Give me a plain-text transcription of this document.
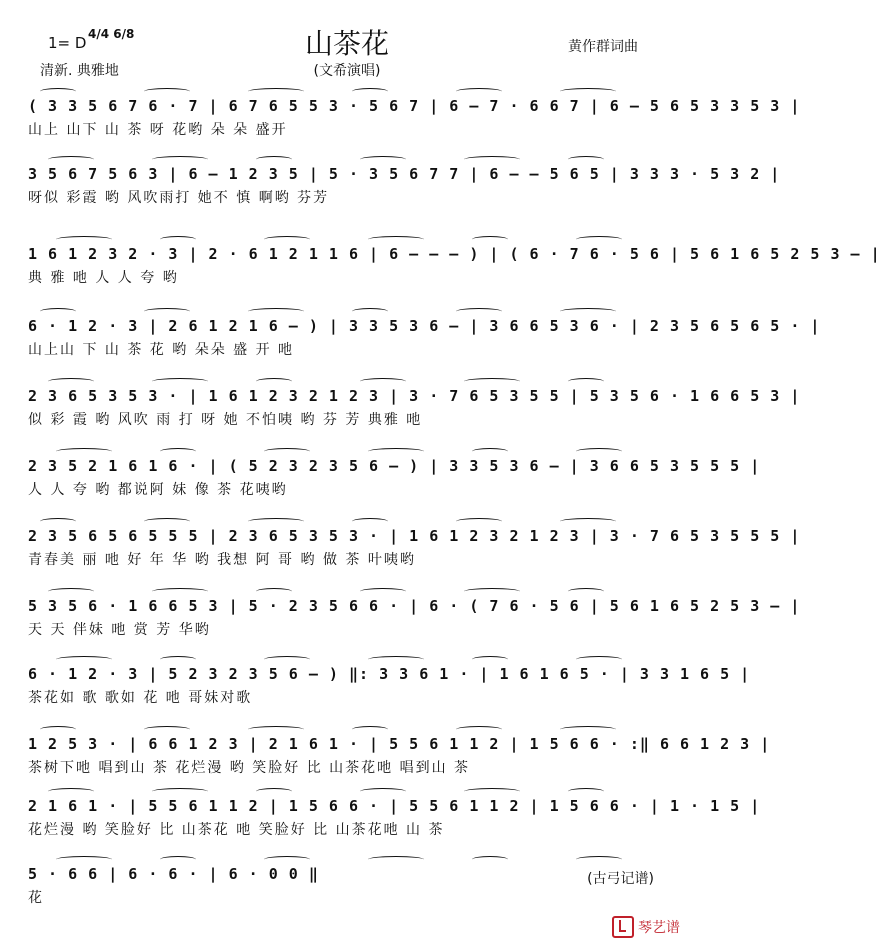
1= D 4/4 6/8
清新. 典雅地
山茶花
(文希演唱)
黄作群词曲
( 3 3 5 6 7 6 · 7 | 6 7 6 5 5 3 · 5 6 7 | 6 – 7 · 6 6 7 | 6 – 5 6 5 3 3 5 3 |
山上 山下 山 茶 呀 花哟 朵 朵 盛开
3 5 6 7 5 6 3 | 6 – 1 2 3 5 | 5 · 3 5 6 7 7 | 6 – – 5 6 5 | 3 3 3 · 5 3 2 |
呀似 彩霞 哟 风吹雨打 她不 慎 啊哟 芬芳
1 6 1 2 3 2 · 3 | 2 · 6 1 2 1 1 6 | 6 – – – ) | ( 6 · 7 6 · 5 6 | 5 6 1 6 5 2 5 3 – |
典 雅 吔 人 人 夸 哟
6 · 1 2 · 3 | 2 6 1 2 1 6 – ) | 3 3 5 3 6 – | 3 6 6 5 3 6 · | 2 3 5 6 5 6 5 · |
山上山 下 山 茶 花 哟 朵朵 盛 开 吔
2 3 6 5 3 5 3 · | 1 6 1 2 3 2 1 2 3 | 3 · 7 6 5 3 5 5 | 5 3 5 6 · 1 6 6 5 3 |
似 彩 霞 哟 风吹 雨 打 呀 她 不怕咦 哟 芬 芳 典雅 吔
2 3 5 2 1 6 1 6 · | ( 5 2 3 2 3 5 6 – ) | 3 3 5 3 6 – | 3 6 6 5 3 5 5 5 |
人 人 夸 哟 都说阿 妹 像 茶 花咦哟
2 3 5 6 5 6 5 5 5 | 2 3 6 5 3 5 3 · | 1 6 1 2 3 2 1 2 3 | 3 · 7 6 5 3 5 5 5 |
青春美 丽 吔 好 年 华 哟 我想 阿 哥 哟 做 茶 叶咦哟
5 3 5 6 · 1 6 6 5 3 | 5 · 2 3 5 6 6 · | 6 · ( 7 6 · 5 6 | 5 6 1 6 5 2 5 3 – |
天 天 伴妹 吔 赏 芳 华哟
6 · 1 2 · 3 | 5 2 3 2 3 5 6 – ) ‖: 3 3 6 1 · | 1 6 1 6 5 · | 3 3 1 6 5 |
茶花如 歌 歌如 花 吔 哥妹对歌
1 2 5 3 · | 6 6 1 2 3 | 2 1 6 1 · | 5 5 6 1 1 2 | 1 5 6 6 · :‖ 6 6 1 2 3 |
茶树下吔 唱到山 茶 花烂漫 哟 笑脸好 比 山茶花吔 唱到山 茶
2 1 6 1 · | 5 5 6 1 1 2 | 1 5 6 6 · | 5 5 6 1 1 2 | 1 5 6 6 · | 1 · 1 5 |
花烂漫 哟 笑脸好 比 山茶花 吔 笑脸好 比 山茶花吔 山 茶
5 · 6 6 | 6 · 6 · | 6 · 0 0 ‖
花
(古弓记谱)
琴艺谱
